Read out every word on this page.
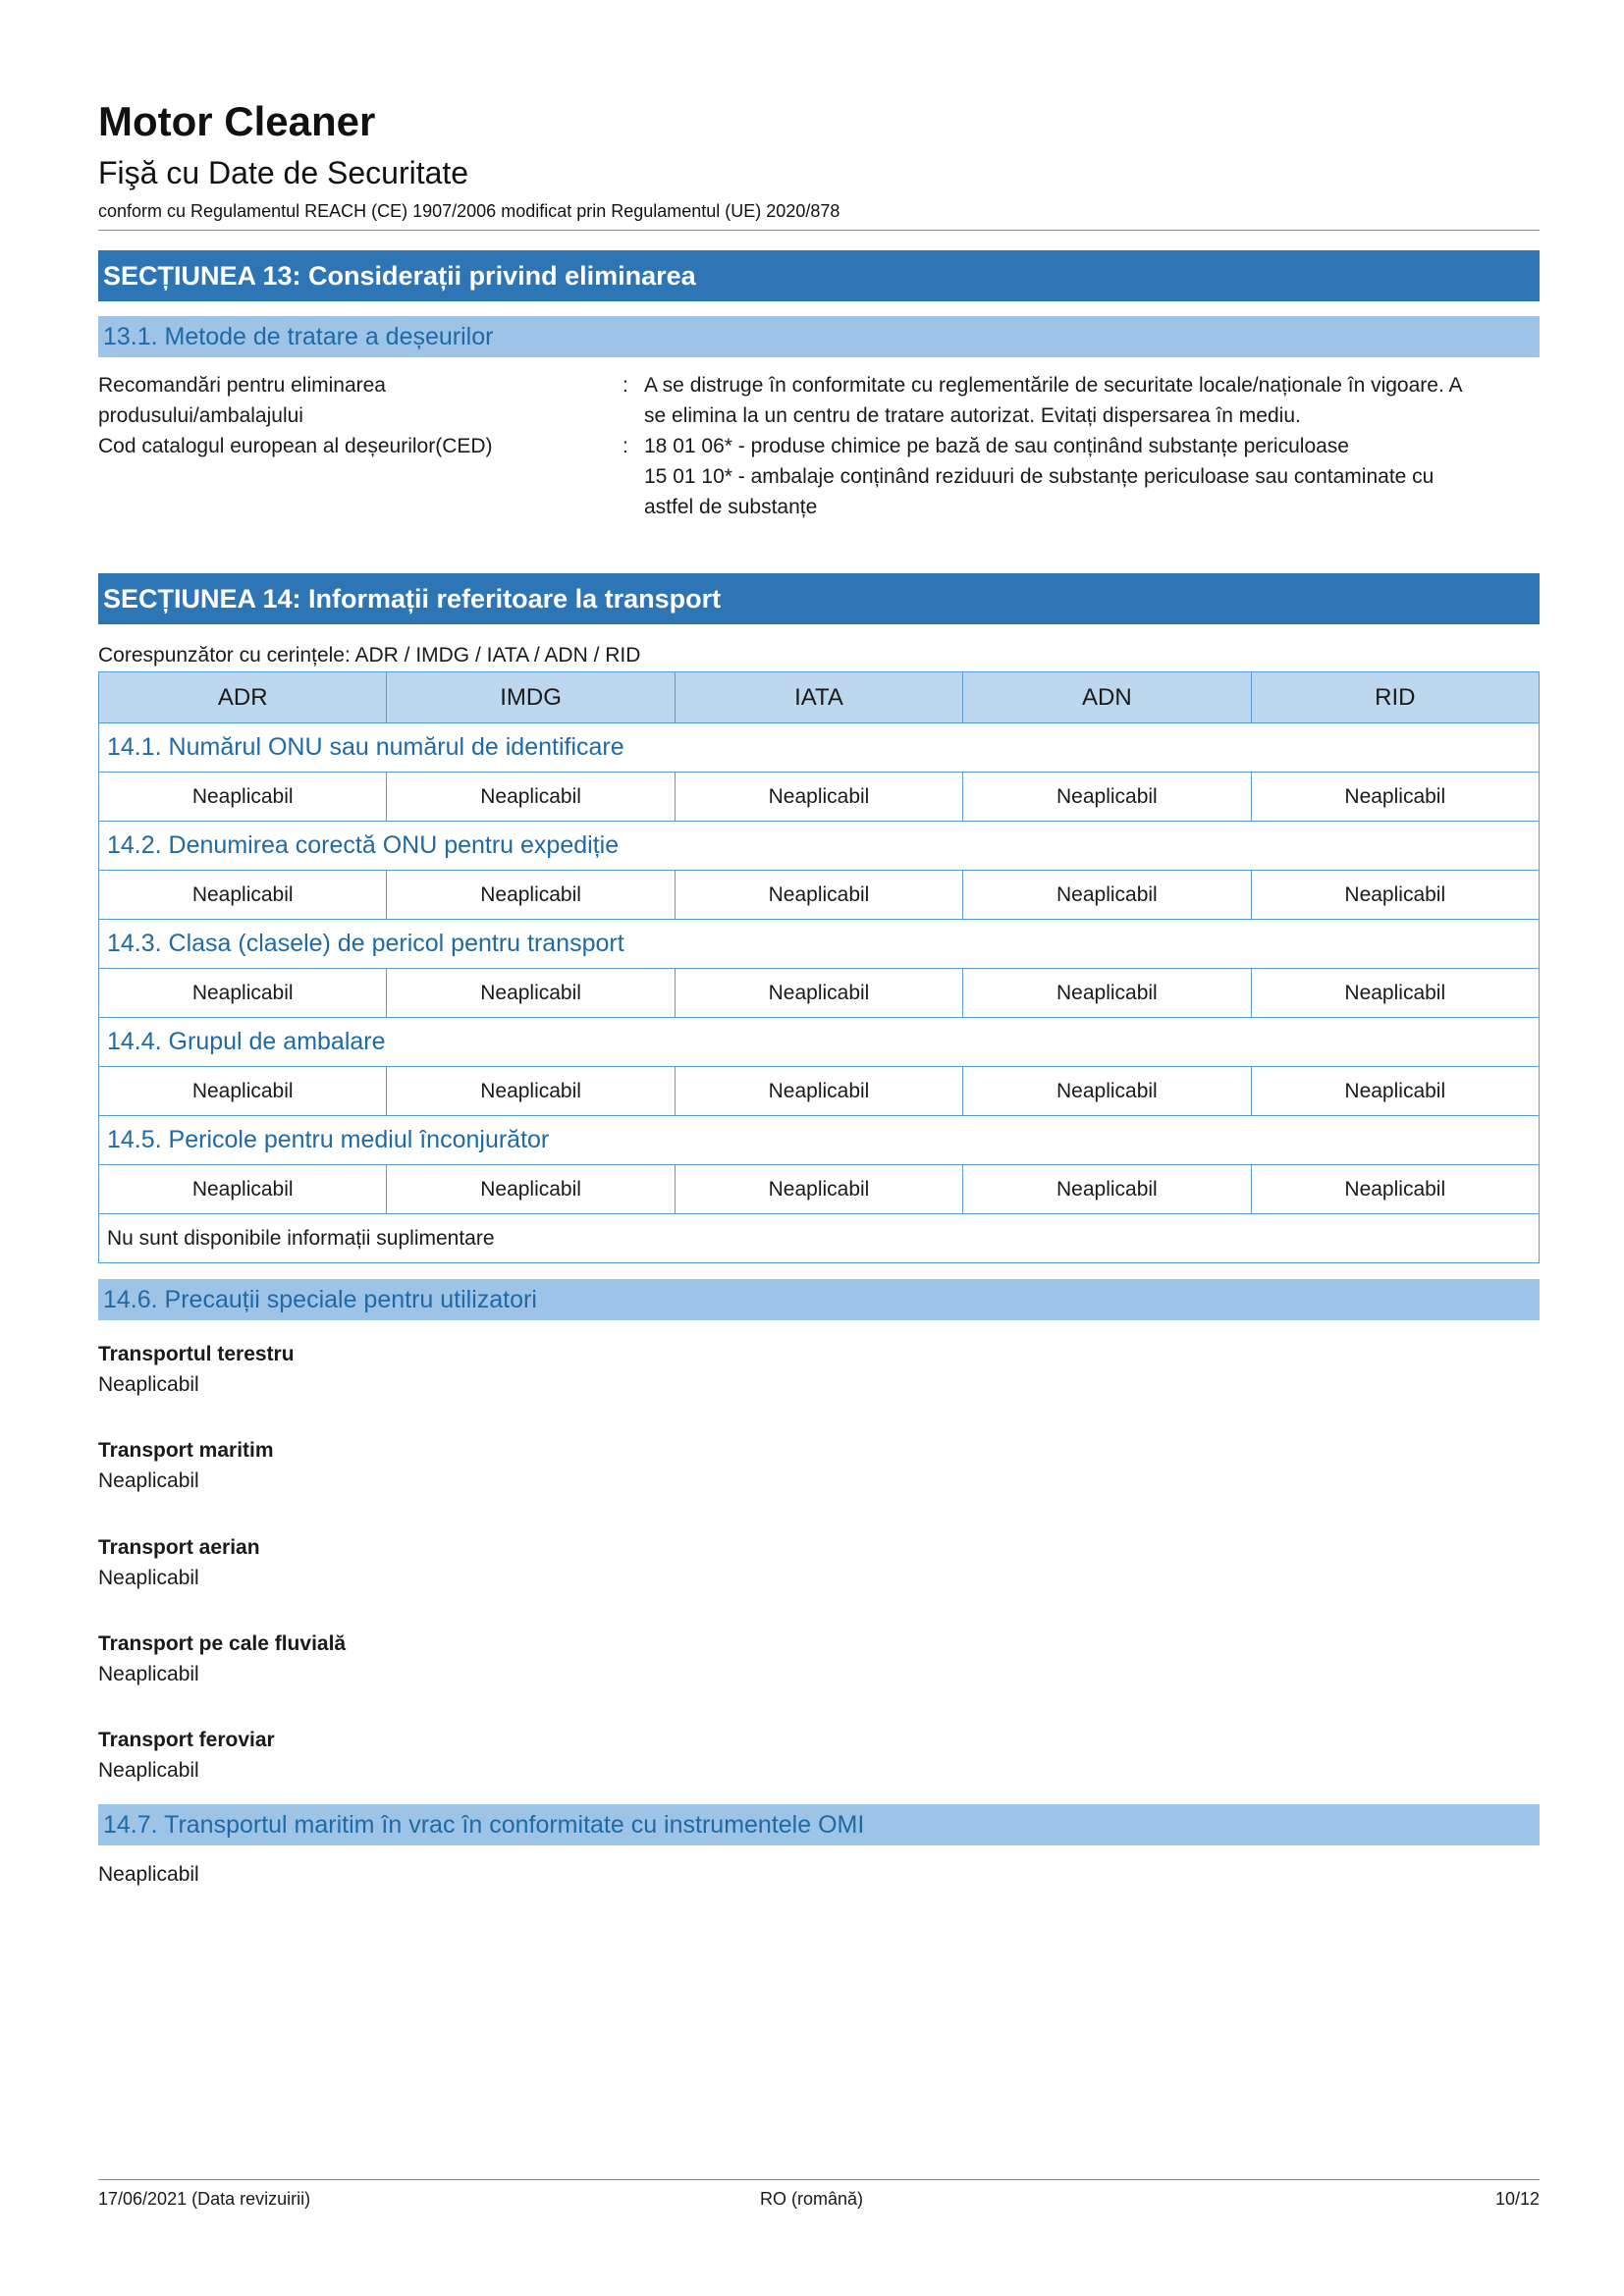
Motor Cleaner
Fişă cu Date de Securitate
conform cu Regulamentul REACH (CE) 1907/2006 modificat prin Regulamentul (UE) 2020/878
SECȚIUNEA 13: Considerații privind eliminarea
13.1. Metode de tratare a deșeurilor
Recomandări pentru eliminarea
produsului/ambalajului
: A se distruge în conformitate cu reglementările de securitate locale/naționale în vigoare. A
se elimina la un centru de tratare autorizat. Evitați dispersarea în mediu.
Cod catalogul european al deșeurilor(CED)	: 18 01 06* - produse chimice pe bază de sau conținând substanțe periculoase
15 01 10* - ambalaje conținând reziduuri de substanțe periculoase sau contaminate cu
astfel de substanțe
SECȚIUNEA 14: Informații referitoare la transport
Corespunzător cu cerințele: ADR / IMDG / IATA / ADN / RID
ADR	IMDG	IATA	ADN	RID
14.1. Numărul ONU sau numărul de identificare				
Neaplicabil	Neaplicabil	Neaplicabil	Neaplicabil	Neaplicabil
14.2. Denumirea corectă ONU pentru expediție				
Neaplicabil	Neaplicabil	Neaplicabil	Neaplicabil	Neaplicabil
14.3. Clasa (clasele) de pericol pentru transport				
Neaplicabil	Neaplicabil	Neaplicabil	Neaplicabil	Neaplicabil
14.4. Grupul de ambalare				
Neaplicabil	Neaplicabil	Neaplicabil	Neaplicabil	Neaplicabil
14.5. Pericole pentru mediul înconjurător				
Neaplicabil	Neaplicabil	Neaplicabil	Neaplicabil	Neaplicabil
Nu sunt disponibile informații suplimentare				
14.6. Precauții speciale pentru utilizatori
Transportul terestru
Neaplicabil
Transport maritim
Neaplicabil
Transport aerian
Neaplicabil
Transport pe cale fluvială
Neaplicabil
Transport feroviar
Neaplicabil
14.7. Transportul maritim în vrac în conformitate cu instrumentele OMI
Neaplicabil
17/06/2021 (Data revizuirii)	RO (română)	10/12
